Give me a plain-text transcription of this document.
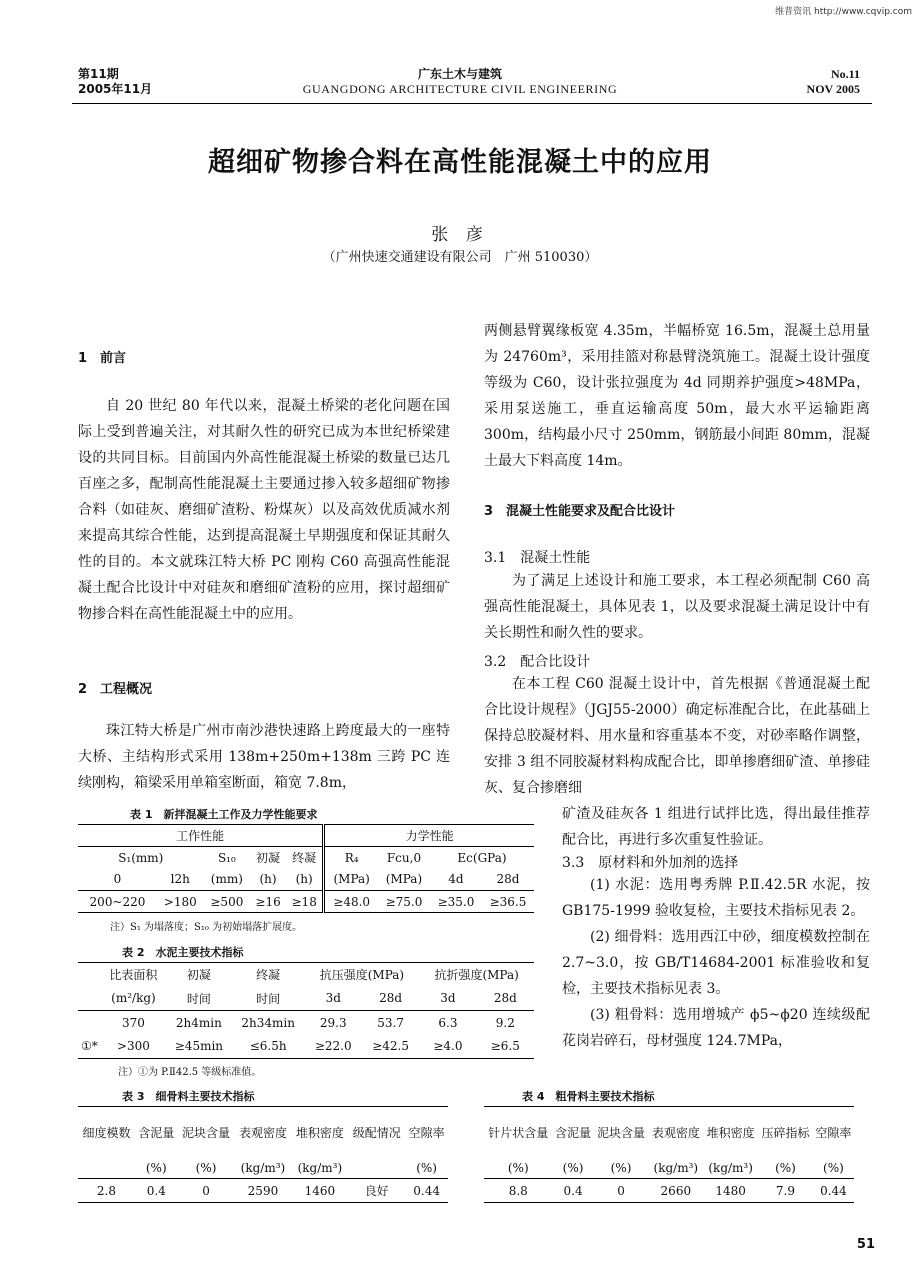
维普资讯 http://www.cqvip.com
第11期
2005年11月
广东土木与建筑
GUANGDONG ARCHITECTURE CIVIL ENGINEERING
No.11
NOV 2005
超细矿物掺合料在高性能混凝土中的应用
张 彦
（广州快速交通建设有限公司　广州 510030）
1　前言

自 20 世纪 80 年代以来，混凝土桥梁的老化问题在国际上受到普遍关注，对其耐久性的研究已成为本世纪桥梁建设的共同目标。目前国内外高性能混凝土桥梁的数量已达几百座之多，配制高性能混凝土主要通过掺入较多超细矿物掺合料（如硅灰、磨细矿渣粉、粉煤灰）以及高效优质减水剂来提高其综合性能，达到提高混凝土早期强度和保证其耐久性的目的。本文就珠江特大桥 PC 刚构 C60 高强高性能混凝土配合比设计中对硅灰和磨细矿渣粉的应用，探讨超细矿物掺合料在高性能混凝土中的应用。

2　工程概况

珠江特大桥是广州市南沙港快速路上跨度最大的一座特大桥、主结构形式采用 138m+250m+138m 三跨 PC 连续刚构，箱梁采用单箱室断面，箱宽 7.8m，

两侧悬臂翼缘板宽 4.35m，半幅桥宽 16.5m，混凝土总用量为 24760m³，采用挂篮对称悬臂浇筑施工。混凝土设计强度等级为 C60，设计张拉强度为 4d 同期养护强度>48MPa，采用泵送施工，垂直运输高度 50m，最大水平运输距离 300m，结构最小尺寸 250mm，钢筋最小间距 80mm，混凝土最大下料高度 14m。

3　混凝土性能要求及配合比设计
3.1　混凝土性能

为了满足上述设计和施工要求，本工程必须配制 C60 高强高性能混凝土，具体见表 1，以及要求混凝土满足设计中有关长期性和耐久性的要求。

3.2　配合比设计

在本工程 C60 混凝土设计中，首先根据《普通混凝土配合比设计规程》（JGJ55-2000）确定标准配合比，在此基础上保持总胶凝材料、用水量和容重基本不变，对砂率略作调整，安排 3 组不同胶凝材料构成配合比，即单掺磨细矿渣、单掺硅灰、复合掺磨细

矿渣及硅灰各 1 组进行试拌比选，得出最佳推荐配合比，再进行多次重复性验证。

3.3　原材料和外加剂的选择

(1) 水泥：选用粤秀牌 P.Ⅱ.42.5R 水泥，按 GB175-1999 验收复检，主要技术指标见表 2。

(2) 细骨料：选用西江中砂，细度模数控制在 2.7~3.0，按 GB/T14684-2001 标准验收和复检，主要技术指标见表 3。

(3) 粗骨料：选用增城产 ϕ5~ϕ20 连续级配花岗岩碎石，母材强度 124.7MPa，

表 1　新拌混凝土工作及力学性能要求
工作性能					力学性能			
S₁(mm)		S₁₀	初凝	终凝	R₄	Fcu,0	Ec(GPa)	
0	l2h	(mm)	(h)	(h)	(MPa)	(MPa)	4d	28d
200~220	>180	≥500	≥16	≥18	≥48.0	≥75.0	≥35.0	≥36.5
注）S₁ 为塌落度；S₁₀ 为初始塌落扩展度。
表 2　水泥主要技术指标
	比表面积	初凝	终凝	抗压强度(MPa)		抗折强度(MPa)	
	(m²/kg)	时间	时间	3d	28d	3d	28d
	370	2h4min	2h34min	29.3	53.7	6.3	9.2
①*	>300	≥45min	≤6.5h	≥22.0	≥42.5	≥4.0	≥6.5
注）①为 P.Ⅱ42.5 等级标准值。
表 3　细骨料主要技术指标
细度模数	含泥量	泥块含量	表观密度	堆积密度	级配情况	空隙率
	(%)	(%)	(kg/m³)	(kg/m³)		(%)
2.8	0.4	0	2590	1460	良好	0.44
表 4　粗骨料主要技术指标
针片状含量	含泥量	泥块含量	表观密度	堆积密度	压碎指标	空隙率
(%)	(%)	(%)	(kg/m³)	(kg/m³)	(%)	(%)
8.8	0.4	0	2660	1480	7.9	0.44
51
